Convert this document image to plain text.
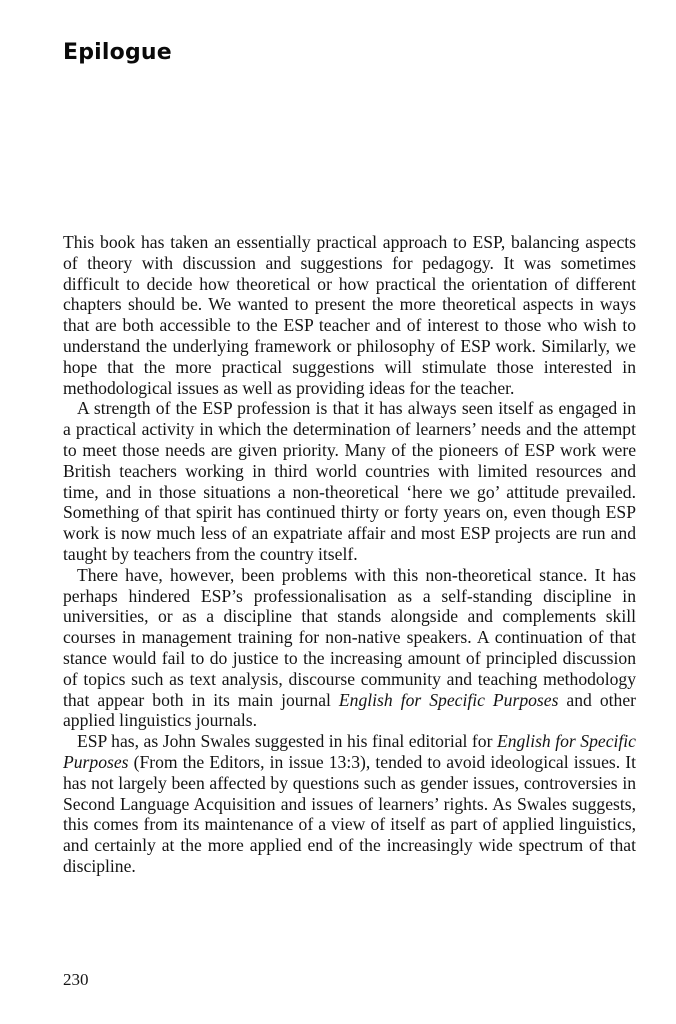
Epilogue

This book has taken an essentially practical approach to ESP, balancing aspects of theory with discussion and suggestions for pedagogy. It was sometimes difficult to decide how theoretical or how practical the orientation of different chapters should be. We wanted to present the more theoretical aspects in ways that are both accessible to the ESP teacher and of interest to those who wish to understand the underlying framework or philosophy of ESP work. Similarly, we hope that the more practical suggestions will stimulate those interested in methodological issues as well as providing ideas for the teacher.

A strength of the ESP profession is that it has always seen itself as engaged in a practical activity in which the determination of learners’ needs and the attempt to meet those needs are given priority. Many of the pioneers of ESP work were British teachers working in third world countries with limited resources and time, and in those situations a non-theoretical ‘here we go’ attitude prevailed. Something of that spirit has continued thirty or forty years on, even though ESP work is now much less of an expatriate affair and most ESP projects are run and taught by teachers from the country itself.

There have, however, been problems with this non-theoretical stance. It has perhaps hindered ESP’s professionalisation as a self-standing discipline in universities, or as a discipline that stands alongside and complements skill courses in management training for non-native speakers. A continuation of that stance would fail to do justice to the increasing amount of principled discussion of topics such as text analysis, discourse community and teaching methodology that appear both in its main journal English for Specific Purposes and other applied linguistics journals.

ESP has, as John Swales suggested in his final editorial for English for Specific Purposes (From the Editors, in issue 13:3), tended to avoid ideological issues. It has not largely been affected by questions such as gender issues, controversies in Second Language Acquisition and issues of learners’ rights. As Swales suggests, this comes from its maintenance of a view of itself as part of applied linguistics, and certainly at the more applied end of the increasingly wide spectrum of that discipline.

230
